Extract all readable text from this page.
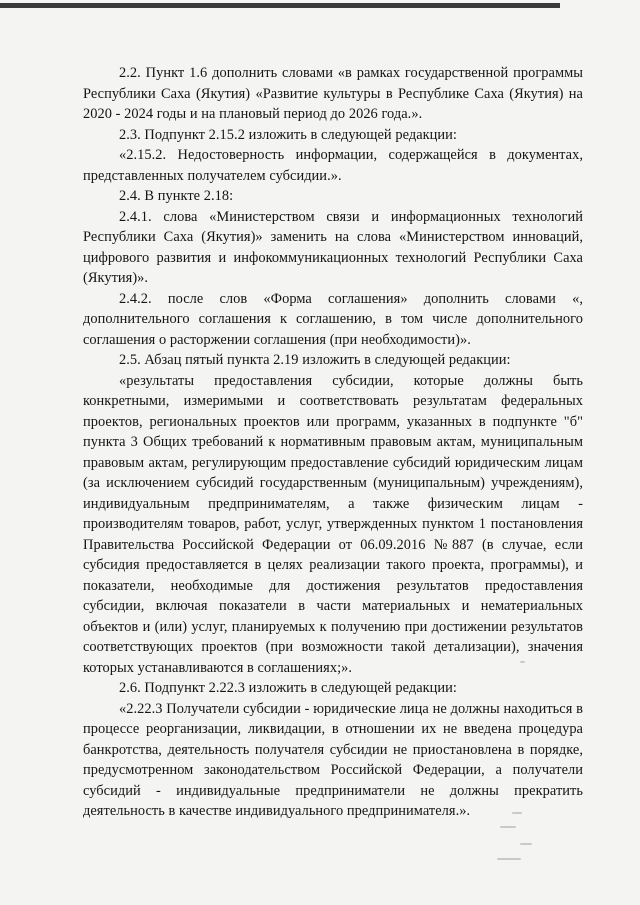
2.2. Пункт 1.6 дополнить словами «в рамках государственной программы Республики Саха (Якутия) «Развитие культуры в Республике Саха (Якутия) на 2020 - 2024 годы и на плановый период до 2026 года.».

2.3. Подпункт 2.15.2 изложить в следующей редакции:

«2.15.2. Недостоверность информации, содержащейся в документах, представленных получателем субсидии.».

2.4. В пункте 2.18:

2.4.1. слова «Министерством связи и информационных технологий Республики Саха (Якутия)» заменить на слова «Министерством инноваций, цифрового развития и инфокоммуникационных технологий Республики Саха (Якутия)».

2.4.2. после слов «Форма соглашения» дополнить словами «, дополнительного соглашения к соглашению, в том числе дополнительного соглашения о расторжении соглашения (при необходимости)».

2.5. Абзац пятый пункта 2.19 изложить в следующей редакции:

«результаты предоставления субсидии, которые должны быть конкретными, измеримыми и соответствовать результатам федеральных проектов, региональных проектов или программ, указанных в подпункте "б" пункта 3 Общих требований к нормативным правовым актам, муниципальным правовым актам, регулирующим предоставление субсидий юридическим лицам (за исключением субсидий государственным (муниципальным) учреждениям), индивидуальным предпринимателям, а также физическим лицам - производителям товаров, работ, услуг, утвержденных пунктом 1 постановления Правительства Российской Федерации от 06.09.2016 №887 (в случае, если субсидия предоставляется в целях реализации такого проекта, программы), и показатели, необходимые для достижения результатов предоставления субсидии, включая показатели в части материальных и нематериальных объектов и (или) услуг, планируемых к получению при достижении результатов соответствующих проектов (при возможности такой детализации), значения которых устанавливаются в соглашениях;».

2.6. Подпункт 2.22.3 изложить в следующей редакции:

«2.22.3 Получатели субсидии - юридические лица не должны находиться в процессе реорганизации, ликвидации, в отношении их не введена процедура банкротства, деятельность получателя субсидии не приостановлена в порядке, предусмотренном законодательством Российской Федерации, а получатели субсидий - индивидуальные предприниматели не должны прекратить деятельность в качестве индивидуального предпринимателя.».
